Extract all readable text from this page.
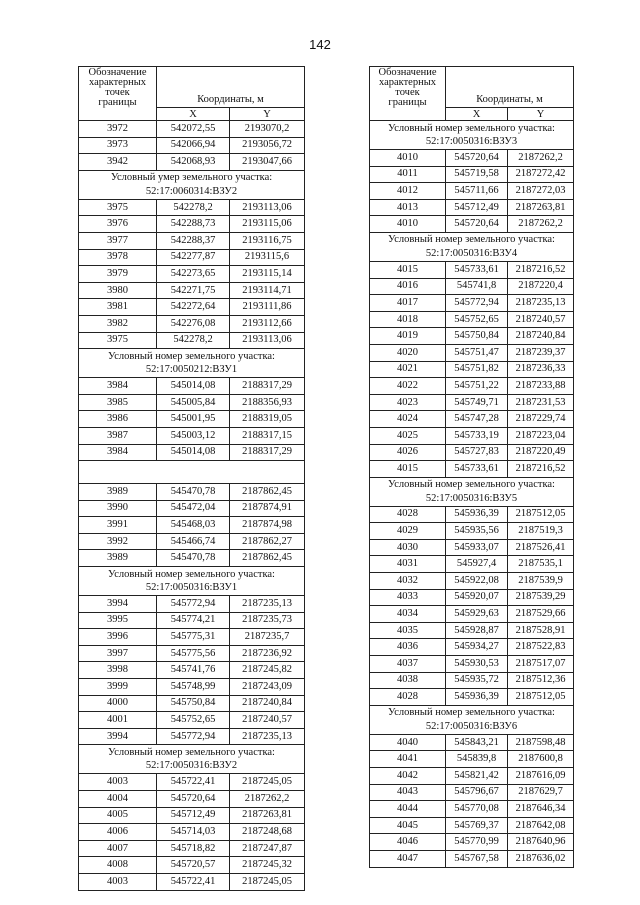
142
Обозначение
характерных
точек
границы	Координаты, м	
	X	Y
3972	542072,55	2193070,2
3973	542066,94	2193056,72
3942	542068,93	2193047,66
Условный умер земельного участка:
52:17:0060314:ВЗУ2		
3975	542278,2	2193113,06
3976	542288,73	2193115,06
3977	542288,37	2193116,75
3978	542277,87	2193115,6
3979	542273,65	2193115,14
3980	542271,75	2193114,71
3981	542272,64	2193111,86
3982	542276,08	2193112,66
3975	542278,2	2193113,06
Условный номер земельного участка:
52:17:0050212:ВЗУ1		
3984	545014,08	2188317,29
3985	545005,84	2188356,93
3986	545001,95	2188319,05
3987	545003,12	2188317,15
3984	545014,08	2188317,29

3989	545470,78	2187862,45
3990	545472,04	2187874,91
3991	545468,03	2187874,98
3992	545466,74	2187862,27
3989	545470,78	2187862,45
Условный номер земельного участка:
52:17:0050316:ВЗУ1		
3994	545772,94	2187235,13
3995	545774,21	2187235,73
3996	545775,31	2187235,7
3997	545775,56	2187236,92
3998	545741,76	2187245,82
3999	545748,99	2187243,09
4000	545750,84	2187240,84
4001	545752,65	2187240,57
3994	545772,94	2187235,13
Условный номер земельного участка:
52:17:0050316:ВЗУ2		
4003	545722,41	2187245,05
4004	545720,64	2187262,2
4005	545712,49	2187263,81
4006	545714,03	2187248,68
4007	545718,82	2187247,87
4008	545720,57	2187245,32
4003	545722,41	2187245,05
Обозначение
характерных
точек
границы	Координаты, м	
	X	Y
Условный номер земельного участка:
52:17:0050316:ВЗУ3		
4010	545720,64	2187262,2
4011	545719,58	2187272,42
4012	545711,66	2187272,03
4013	545712,49	2187263,81
4010	545720,64	2187262,2
Условный номер земельного участка:
52:17:0050316:ВЗУ4		
4015	545733,61	2187216,52
4016	545741,8	2187220,4
4017	545772,94	2187235,13
4018	545752,65	2187240,57
4019	545750,84	2187240,84
4020	545751,47	2187239,37
4021	545751,82	2187236,33
4022	545751,22	2187233,88
4023	545749,71	2187231,53
4024	545747,28	2187229,74
4025	545733,19	2187223,04
4026	545727,83	2187220,49
4015	545733,61	2187216,52
Условный номер земельного участка:
52:17:0050316:ВЗУ5		
4028	545936,39	2187512,05
4029	545935,56	2187519,3
4030	545933,07	2187526,41
4031	545927,4	2187535,1
4032	545922,08	2187539,9
4033	545920,07	2187539,29
4034	545929,63	2187529,66
4035	545928,87	2187528,91
4036	545934,27	2187522,83
4037	545930,53	2187517,07
4038	545935,72	2187512,36
4028	545936,39	2187512,05
Условный номер земельного участка:
52:17:0050316:ВЗУ6		
4040	545843,21	2187598,48
4041	545839,8	2187600,8
4042	545821,42	2187616,09
4043	545796,67	2187629,7
4044	545770,08	2187646,34
4045	545769,37	2187642,08
4046	545770,99	2187640,96
4047	545767,58	2187636,02
